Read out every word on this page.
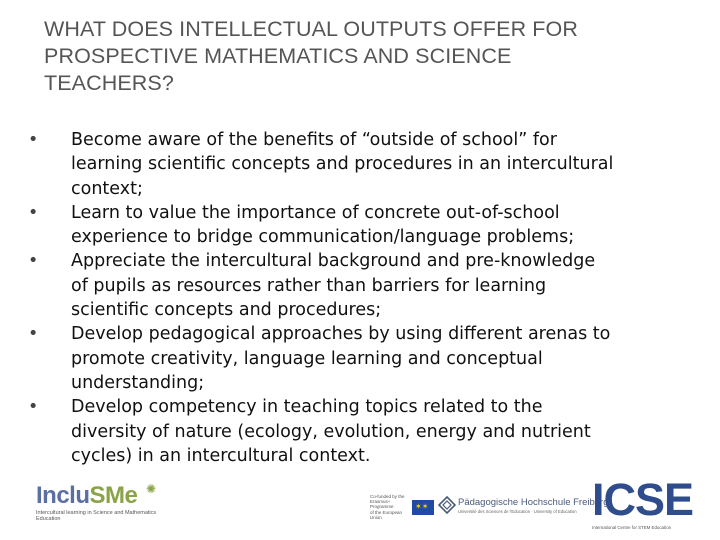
WHAT DOES INTELLECTUAL OUTPUTS OFFER FOR
PROSPECTIVE MATHEMATICS AND SCIENCE
TEACHERS?
•	Become aware of the benefits of “outside of school” for
learning scientific concepts and procedures in an intercultural
context;
•	Learn to value the importance of concrete out-of-school
experience to bridge communication/language problems;
•	Appreciate the intercultural background and pre-knowledge
of pupils as resources rather than barriers for learning
scientific concepts and procedures;
•	Develop pedagogical approaches by using different arenas to
promote creativity, language learning and conceptual
understanding;
•	Develop competency in teaching topics related to the
diversity of nature (ecology, evolution, energy and nutrient
cycles) in an intercultural context.
IncluSMe ✺
Intercultural learning in Science and Mathematics
Education
Co-funded by the
Erasmus+ Programme
of the European Union
✶✶	Pädagogische Hochschule Freiburg
Université des Sciences de l'Education · University of Education ICSE
International Centre for STEM Education
